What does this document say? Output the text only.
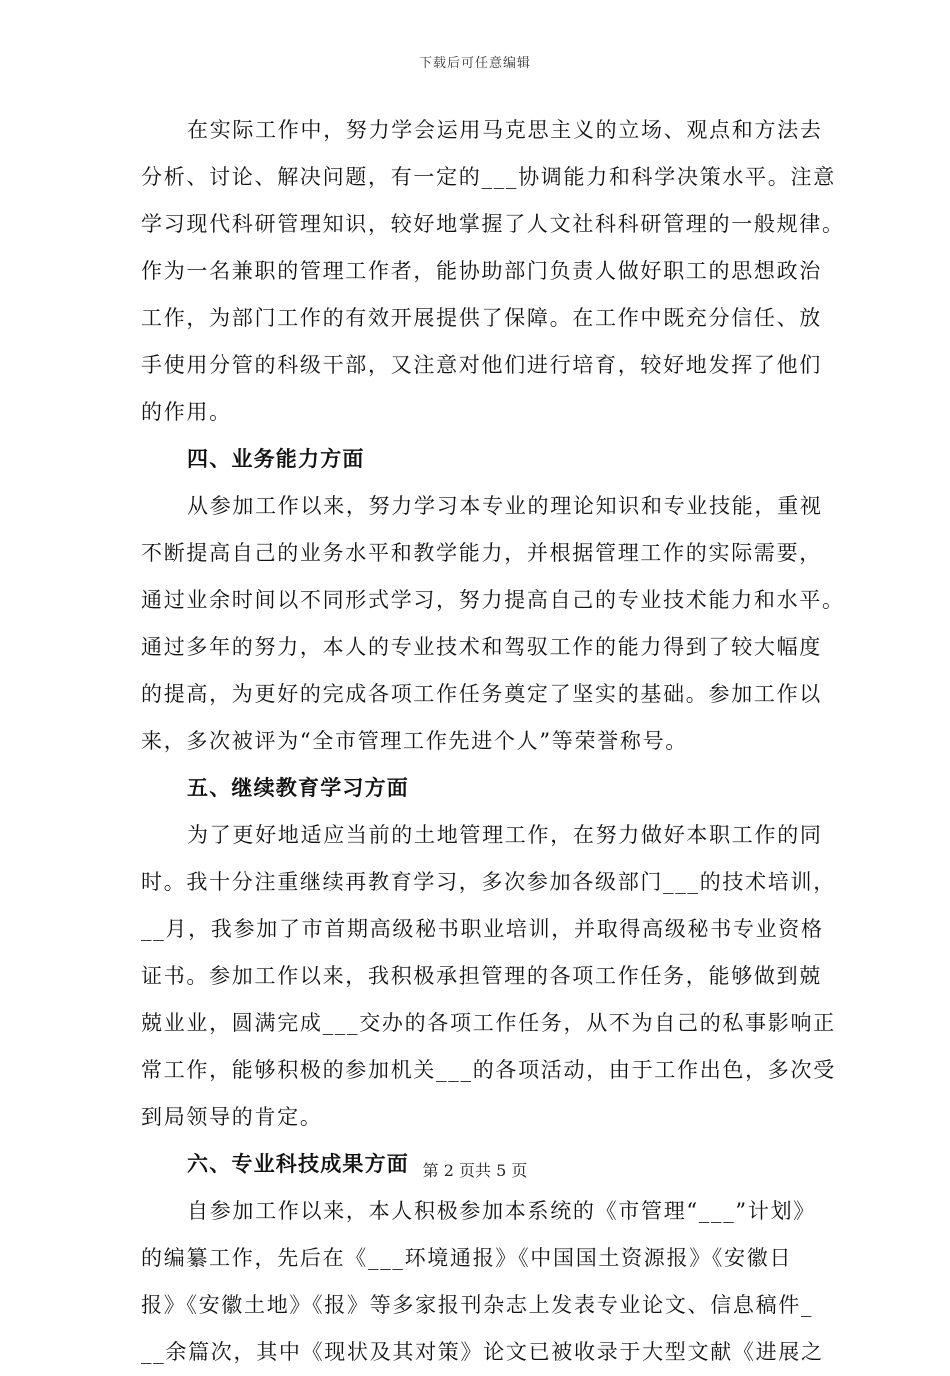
下载后可任意编辑
在实际工作中，努力学会运用马克思主义的立场、观点和方法去
分析、讨论、解决问题，有一定的___协调能力和科学决策水平。注意
学习现代科研管理知识，较好地掌握了人文社科科研管理的一般规律。
作为一名兼职的管理工作者，能协助部门负责人做好职工的思想政治
工作，为部门工作的有效开展提供了保障。在工作中既充分信任、放
手使用分管的科级干部，又注意对他们进行培育，较好地发挥了他们
的作用。
四、业务能力方面
从参加工作以来，努力学习本专业的理论知识和专业技能，重视
不断提高自己的业务水平和教学能力，并根据管理工作的实际需要，
通过业余时间以不同形式学习，努力提高自己的专业技术能力和水平。
通过多年的努力，本人的专业技术和驾驭工作的能力得到了较大幅度
的提高，为更好的完成各项工作任务奠定了坚实的基础。参加工作以
来，多次被评为“全市管理工作先进个人”等荣誉称号。
五、继续教育学习方面
为了更好地适应当前的土地管理工作，在努力做好本职工作的同
时。我十分注重继续再教育学习，多次参加各级部门___的技术培训，
__月，我参加了市首期高级秘书职业培训，并取得高级秘书专业资格
证书。参加工作以来，我积极承担管理的各项工作任务，能够做到兢
兢业业，圆满完成___交办的各项工作任务，从不为自己的私事影响正
常工作，能够积极的参加机关___的各项活动，由于工作出色，多次受
到局领导的肯定。
六、专业科技成果方面
自参加工作以来，本人积极参加本系统的《市管理“___”计划》
的编纂工作，先后在《___环境通报》《中国国土资源报》《安徽日
报》《安徽土地》《报》等多家报刊杂志上发表专业论文、信息稿件_
__余篇次，其中《现状及其对策》论文已被收录于大型文献《进展之
第 2 页共 5 页
